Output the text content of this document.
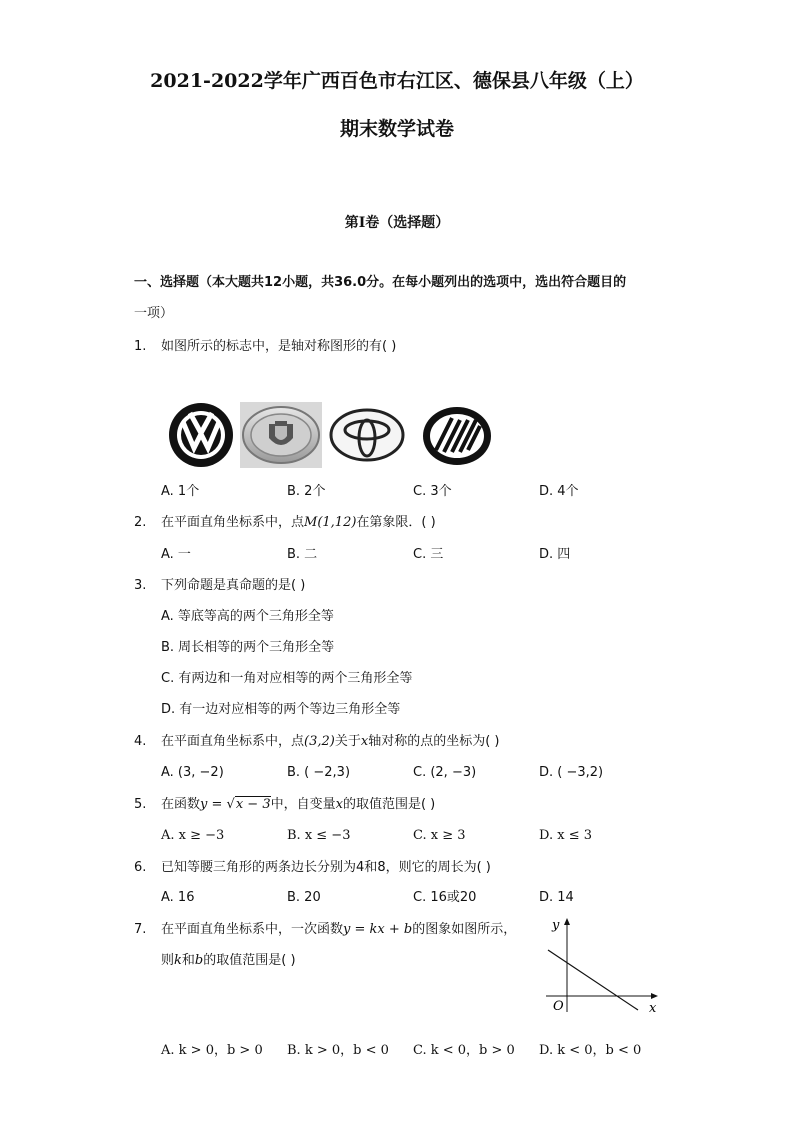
2021-2022学年广西百色市右江区、德保县八年级（上）
期末数学试卷
第I卷（选择题）
一、选择题（本大题共12小题，共36.0分。在每小题列出的选项中，选出符合题目的
一项）
1. 如图所示的标志中，是轴对称图形的有( )
A. 1个	B. 2个	C. 3个	D. 4个
2. 在平面直角坐标系中，点M(1,12)在第象限．( )
A. 一	B. 二	C. 三	D. 四
3. 下列命题是真命题的是( )
A. 等底等高的两个三角形全等
B. 周长相等的两个三角形全等
C. 有两边和一角对应相等的两个三角形全等
D. 有一边对应相等的两个等边三角形全等
4. 在平面直角坐标系中，点(3,2)关于x轴对称的点的坐标为( )
A. (3, −2)	B. ( −2,3)	C. (2, −3)	D. ( −3,2)
5. 在函数y = √x − 3中，自变量x的取值范围是( )
A. x ≥ −3	B. x ≤ −3	C. x ≥ 3	D. x ≤ 3
6. 已知等腰三角形的两条边长分别为4和8，则它的周长为( )
A. 16	B. 20	C. 16或20	D. 14
7. 在平面直角坐标系中，一次函数y = kx + b的图象如图所示，
则k和b的取值范围是( )
y
x
O
A. k > 0，b > 0 B. k > 0，b < 0 C. k < 0，b > 0 D. k < 0，b < 0
